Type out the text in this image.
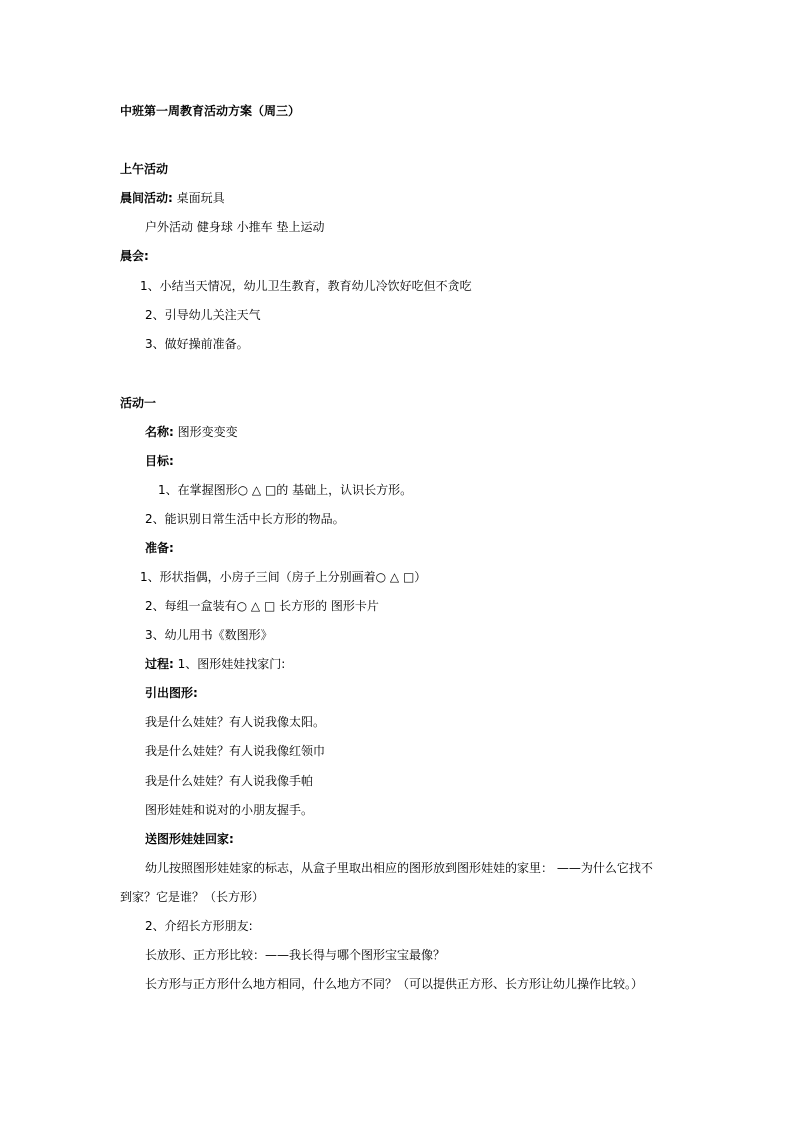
中班第一周教育活动方案（周三）
上午活动
晨间活动: 桌面玩具
户外活动 健身球 小推车 垫上运动
晨会:
1、小结当天情况，幼儿卫生教育，教育幼儿冷饮好吃但不贪吃
2、引导幼儿关注天气
3、做好操前准备。
活动一
名称: 图形变变变
目标:
1、在掌握图形○ △ □的 基础上，认识长方形。
2、能识别日常生活中长方形的物品。
准备:
1、形状指偶，小房子三间（房子上分别画着○ △ □）
2、每组一盒装有○ △ □ 长方形的 图形卡片
3、幼儿用书《数图形》
过程: 1、图形娃娃找家门:
引出图形:
我是什么娃娃？有人说我像太阳。
我是什么娃娃？有人说我像红领巾
我是什么娃娃？有人说我像手帕
图形娃娃和说对的小朋友握手。
送图形娃娃回家:
幼儿按照图形娃娃家的标志，从盒子里取出相应的图形放到图形娃娃的家里： ——为什么它找不
到家？它是谁？（长方形）
2、介绍长方形朋友:
长放形、正方形比较：——我长得与哪个图形宝宝最像？
长方形与正方形什么地方相同，什么地方不同？（可以提供正方形、长方形让幼儿操作比较。）
